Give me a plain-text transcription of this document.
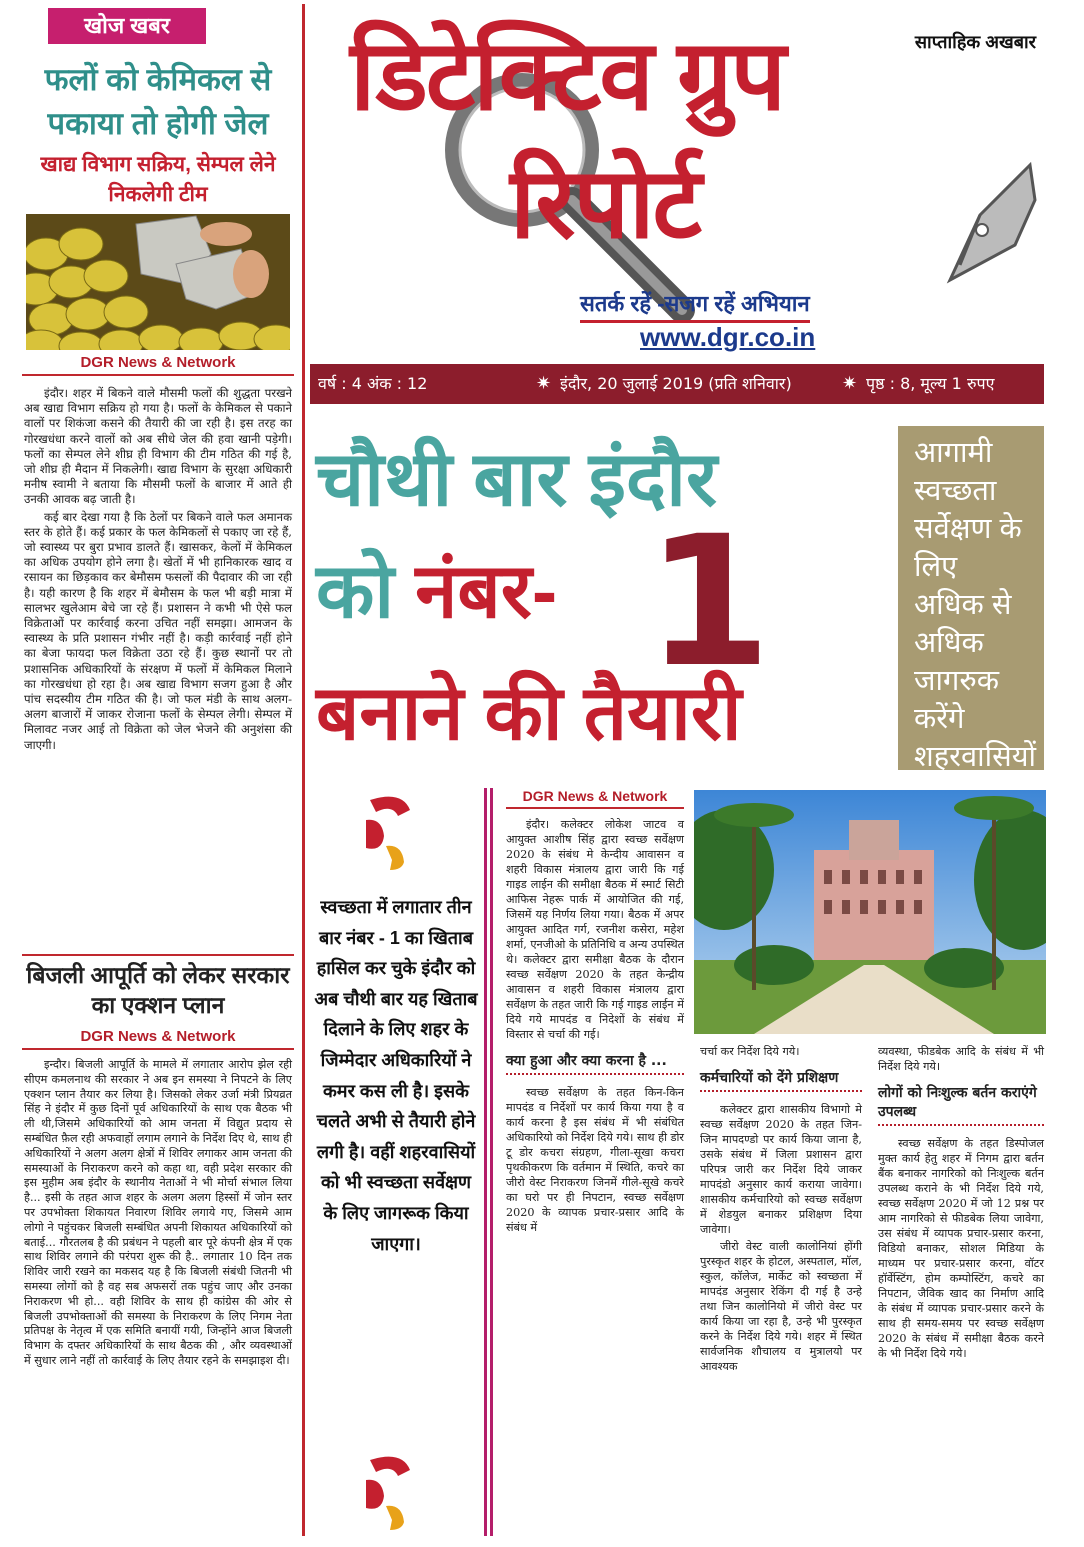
खोज खबर
फलों को केमिकल से पकाया तो होगी जेल
खाद्य विभाग सक्रिय, सेम्पल लेने निकलेगी टीम
DGR News & Network

इंदौर। शहर में बिकने वाले मौसमी फलों की शुद्धता परखने अब खाद्य विभाग सक्रिय हो गया है। फलों के केमिकल से पकाने वालों पर शिकंजा कसने की तैयारी की जा रही है। इस तरह का गोरखधंधा करने वालों को अब सीधे जेल की हवा खानी पड़ेगी। फलों का सेम्पल लेने शीघ्र ही विभाग की टीम गठित की गई है, जो शीघ्र ही मैदान में निकलेगी। खाद्य विभाग के सुरक्षा अधिकारी मनीष स्वामी ने बताया कि मौसमी फलों के बाजार में आते ही उनकी आवक बढ़ जाती है।

कई बार देखा गया है कि ठेलों पर बिकने वाले फल अमानक स्तर के होते हैं। कई प्रकार के फल केमिकलों से पकाए जा रहे हैं, जो स्वास्थ्य पर बुरा प्रभाव डालते हैं। खासकर, केलों में केमिकल का अधिक उपयोग होने लगा है। खेतों में भी हानिकारक खाद व रसायन का छिड़काव कर बेमौसम फसलों की पैदावार की जा रही है। यही कारण है कि शहर में बेमौसम के फल भी बड़ी मात्रा में सालभर खुलेआम बेचे जा रहे हैं। प्रशासन ने कभी भी ऐसे फल विक्रेताओं पर कार्रवाई करना उचित नहीं समझा। आमजन के स्वास्थ्य के प्रति प्रशासन गंभीर नहीं है। कड़ी कार्रवाई नहीं होने का बेजा फायदा फल विक्रेता उठा रहे हैं। कुछ स्थानों पर तो प्रशासनिक अधिकारियों के संरक्षण में फलों में केमिकल मिलाने का गोरखधंधा हो रहा है। अब खाद्य विभाग सजग हुआ है और पांच सदस्यीय टीम गठित की है। जो फल मंडी के साथ अलग-अलग बाजारों में जाकर रोजाना फलों के सेम्पल लेगी। सेम्पल में मिलावट नजर आई तो विक्रेता को जेल भेजने की अनुशंसा की जाएगी।

बिजली आपूर्ति को लेकर सरकार का एक्शन प्लान
DGR News & Network

इन्दौर। बिजली आपूर्ति के मामले में लगातार आरोप झेल रही सीएम कमलनाथ की सरकार ने अब इन समस्या ने निपटने के लिए एक्शन प्लान तैयार कर लिया है। जिसको लेकर उर्जा मंत्री प्रियव्रत सिंह ने इंदौर में कुछ दिनों पूर्व अधिकारियों के साथ एक बैठक भी ली थी,जिसमे अधिकारियों को आम जनता में विद्युत प्रदाय से सम्बंधित फ़ैल रही अफवाहों लगाम लगाने के निर्देश दिए थे, साथ ही अधिकारियों ने अलग अलग क्षेत्रों में शिविर लगाकर आम जनता की समस्याओं के निराकरण करने को कहा था, वही प्रदेश सरकार की इस मुहीम अब इंदौर के स्थानीय नेताओं ने भी मोर्चा संभाल लिया है... इसी के तहत आज शहर के अलग अलग हिस्सों में जोन स्तर पर उपभोक्ता शिकायत निवारण शिविर लगाये गए, जिसमे आम लोगो ने पहुंचकर बिजली सम्बंधित अपनी शिकायत अधिकारियों को बताई... गौरतलब है की प्रबंधन ने पहली बार पूरे कंपनी क्षेत्र में एक साथ शिविर लगाने की परंपरा शुरू की है.. लगातार 10 दिन तक शिविर जारी रखने का मकसद यह है कि बिजली संबंधी जितनी भी समस्या लोगों को है वह सब अफसरों तक पहुंच जाए और उनका निराकरण भी हो... वही शिविर के साथ ही कांग्रेस की ओर से बिजली उपभोक्ताओं की समस्या के निराकरण के लिए निगम नेता प्रतिपक्ष के नेतृत्व में एक समिति बनायीं गयी, जिन्होंने आज बिजली विभाग के दफ्तर अधिकारियों के साथ बैठक की , और व्यवस्थाओं में सुधार लाने नहीं तो कार्रवाई के लिए तैयार रहने के समझाइश दी।

साप्ताहिक अखबार
डिटेक्टिव ग्रुप
रिपोर्ट
सतर्क रहें -सजग रहें अभियान
www.dgr.co.in
वर्ष : 4 अंक : 12	✷ इंदौर, 20 जुलाई 2019 (प्रति शनिवार)	✷ पृष्ठ : 8, मूल्य 1 रुपए
चौथी बार इंदौर
को नंबर- 1
बनाने की तैयारी
आगामी स्वच्छता सर्वेक्षण के लिए अधिक से अधिक जागरुक करेंगे शहरवासियों
स्वच्छता में लगातार तीन बार नंबर - 1 का खिताब हासिल कर चुके इंदौर को अब चौथी बार यह खिताब दिलाने के लिए शहर के जिम्मेदार अधिकारियों ने कमर कस ली है। इसके चलते अभी से तैयारी होने लगी है। वहीं शहरवासियों को भी स्वच्छता सर्वेक्षण के लिए जागरूक किया जाएगा।
DGR News & Network

इंदौर। कलेक्टर लोकेश जाटव व आयुक्त आशीष सिंह द्वारा स्वच्छ सर्वेक्षण 2020 के संबंध मे केन्दीय आवासन व शहरी विकास मंत्रालय द्वारा जारी कि गई गाइड लाईन की समीक्षा बैठक में स्मार्ट सिटी आफिस नेहरू पार्क में आयोजित की गई, जिसमें यह निर्णय लिया गया। बैठक में अपर आयुक्त आदित गर्ग, रजनीश कसेरा, महेश शर्मा, एनजीओ के प्रतिनिधि व अन्य उपस्थित थे। कलेक्टर द्वारा समीक्षा बैठक के दौरान स्वच्छ सर्वेक्षण 2020 के तहत केन्द्रीय आवासन व शहरी विकास मंत्रालय द्वारा सर्वेक्षण के तहत जारी कि गई गाइड लाईन में दिये गये मापदंड व निदेशों के संबंध में विस्तार से चर्चा की गई।

क्या हुआ और क्या करना है ...

स्वच्छ सर्वेक्षण के तहत किन-किन मापदंड व निर्देशों पर कार्य किया गया है व कार्य करना है इस संबंध में भी संबंधित अधिकारियो को निर्देश दिये गये। साथ ही डोर टू डोर कचरा संग्रहण, गीला-सूखा कचरा पृथकीकरण कि वर्तमान में स्थिति, कचरे का जीरो वेस्ट निराकरण जिनमें गीले-सूखे कचरे का घरो पर ही निपटान, स्वच्छ सर्वेक्षण 2020 के व्यापक प्रचार-प्रसार आदि के संबंध में

चर्चा कर निर्देश दिये गये।

कर्मचारियों को देंगे प्रशिक्षण

कलेक्टर द्वारा शासकीय विभागो मे स्वच्छ सर्वेक्षण 2020 के तहत जिन-जिन मापदण्डो पर कार्य किया जाना है, उसके संबंध में जिला प्रशासन द्वारा परिपत्र जारी कर निर्देश दिये जाकर मापदंडो अनुसार कार्य कराया जावेगा। शासकीय कर्मचारियो को स्वच्छ सर्वेक्षण में शेडयुल बनाकर प्रशिक्षण दिया जावेगा।

जीरो वेस्ट वाली कालोनियां होंगी पुरस्कृत शहर के होटल, अस्पताल, मॉल, स्कुल, कॉलेज, मार्केट को स्वच्छता में मापदंड अनुसार रेकिंग दी गई है उन्हे तथा जिन कालोनियो में जीरो वेस्ट पर कार्य किया जा रहा है, उन्हे भी पुरस्कृत करने के निर्देश दिये गये। शहर में स्थित सार्वजनिक शौचालय व मुत्रालयो पर आवश्यक

व्यवस्था, फीडबेक आदि के संबंध में भी निर्देश दिये गये।

लोगों को निःशुल्क बर्तन कराएंगे उपलब्ध

स्वच्छ सर्वेक्षण के तहत डिस्पोजल मुक्त कार्य हेतु शहर में निगम द्वारा बर्तन बैंक बनाकर नागरिको को निःशुल्क बर्तन उपलब्ध कराने के भी निर्देश दिये गये, स्वच्छ सर्वेक्षण 2020 में जो 12 प्रश्न पर आम नागरिको से फीडबेक लिया जावेगा, उस संबंध में व्यापक प्रचार-प्रसार करना, विडियो बनाकर, सोशल मिडिया के माध्यम पर प्रचार-प्रसार करना, वॉटर हॉर्वेस्टिंग, होम कम्पोस्टिंग, कचरे का निपटान, जैविक खाद का निर्माण आदि के संबंध में व्यापक प्रचार-प्रसार करने के साथ ही समय-समय पर स्वच्छ सर्वेक्षण 2020 के संबंध में समीक्षा बैठक करने के भी निर्देश दिये गये।
